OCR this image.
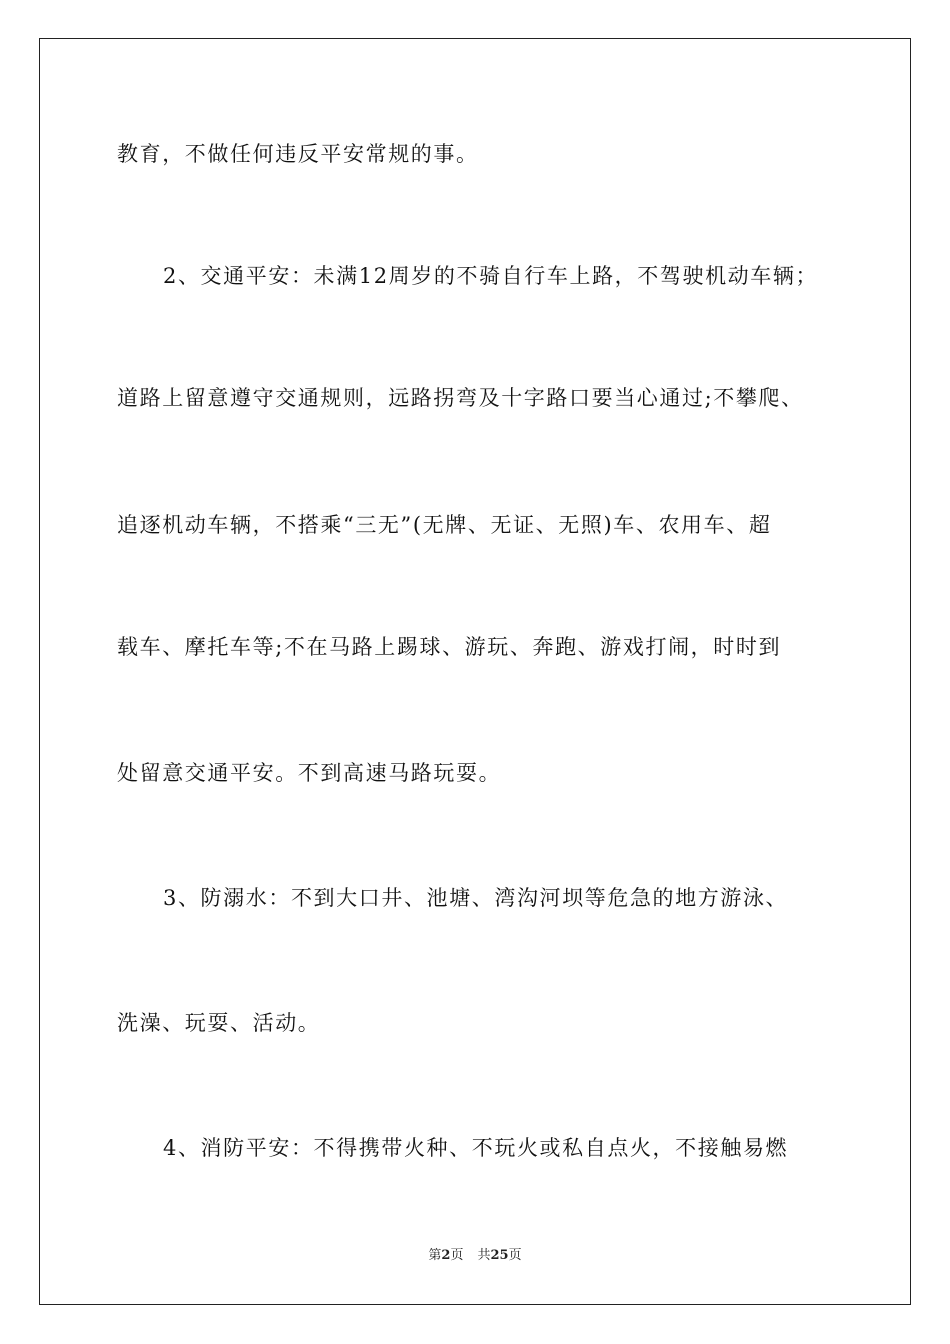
教育，不做任何违反平安常规的事。
2、交通平安：未满12周岁的不骑自行车上路，不驾驶机动车辆；
道路上留意遵守交通规则，远路拐弯及十字路口要当心通过;不攀爬、
追逐机动车辆，不搭乘“三无”(无牌、无证、无照)车、农用车、超
载车、摩托车等;不在马路上踢球、游玩、奔跑、游戏打闹，时时到
处留意交通平安。不到高速马路玩耍。
3、防溺水：不到大口井、池塘、湾沟河坝等危急的地方游泳、
洗澡、玩耍、活动。
4、消防平安：不得携带火种、不玩火或私自点火，不接触易燃
第2页 共25页
